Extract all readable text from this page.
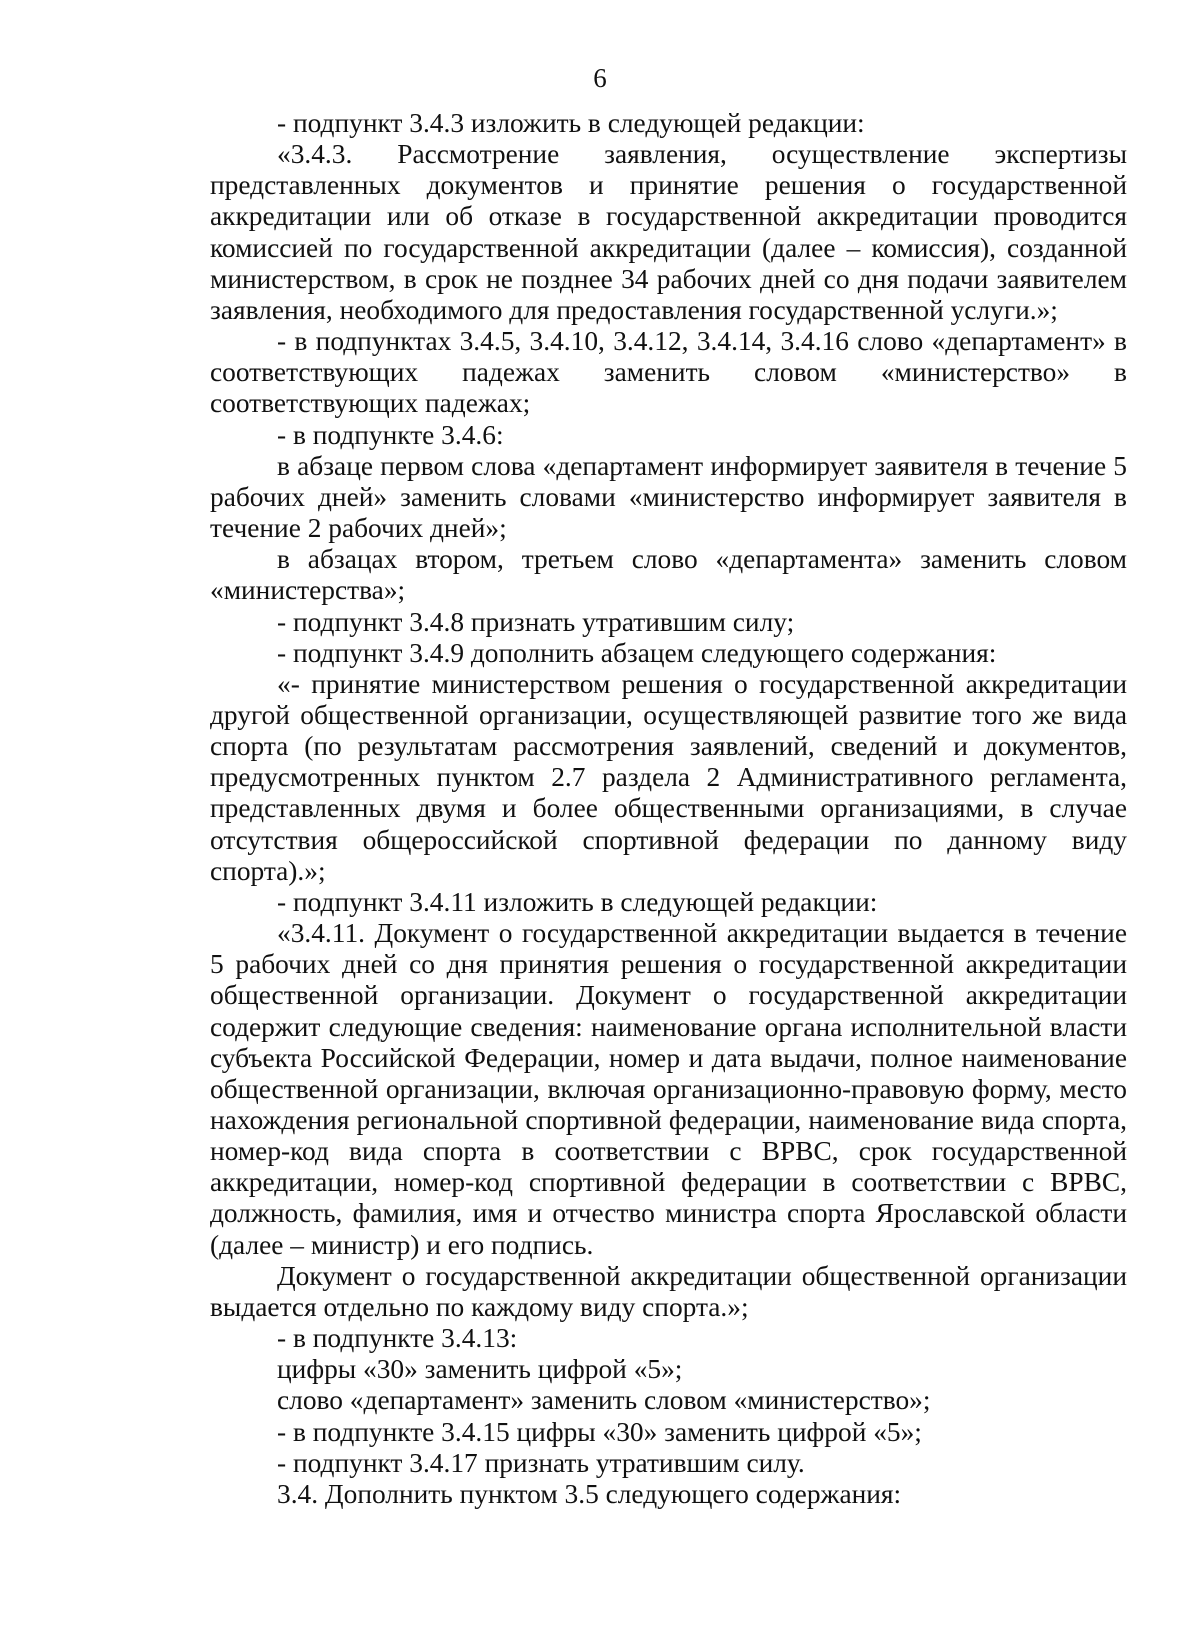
6

- подпункт 3.4.3 изложить в следующей редакции:

«3.4.3. Рассмотрение заявления, осуществление экспертизы представленных документов и принятие решения о государственной аккредитации или об отказе в государственной аккредитации проводится комиссией по государственной аккредитации (далее – комиссия), созданной министерством, в срок не позднее 34 рабочих дней со дня подачи заявителем заявления, необходимого для предоставления государственной услуги.»;

- в подпунктах 3.4.5, 3.4.10, 3.4.12, 3.4.14, 3.4.16 слово «департамент» в соответствующих падежах заменить словом «министерство» в соответствующих падежах;

- в подпункте 3.4.6:

в абзаце первом слова «департамент информирует заявителя в течение 5 рабочих дней» заменить словами «министерство информирует заявителя в течение 2 рабочих дней»;

в абзацах втором, третьем слово «департамента» заменить словом «министерства»;

- подпункт 3.4.8 признать утратившим силу;

- подпункт 3.4.9 дополнить абзацем следующего содержания:

«- принятие министерством решения о государственной аккредитации другой общественной организации, осуществляющей развитие того же вида спорта (по результатам рассмотрения заявлений, сведений и документов, предусмотренных пунктом 2.7 раздела 2 Административного регламента, представленных двумя и более общественными организациями, в случае отсутствия общероссийской спортивной федерации по данному виду спорта).»;

- подпункт 3.4.11 изложить в следующей редакции:

«3.4.11. Документ о государственной аккредитации выдается в течение 5 рабочих дней со дня принятия решения о государственной аккредитации общественной организации. Документ о государственной аккредитации содержит следующие сведения: наименование органа исполнительной власти субъекта Российской Федерации, номер и дата выдачи, полное наименование общественной организации, включая организационно-правовую форму, место нахождения региональной спортивной федерации, наименование вида спорта, номер-код вида спорта в соответствии с ВРВС, срок государственной аккредитации, номер-код спортивной федерации в соответствии с ВРВС, должность, фамилия, имя и отчество министра спорта Ярославской области (далее – министр) и его подпись.

Документ о государственной аккредитации общественной организации выдается отдельно по каждому виду спорта.»;

- в подпункте 3.4.13:

цифры «30» заменить цифрой «5»;

слово «департамент» заменить словом «министерство»;

- в подпункте 3.4.15 цифры «30» заменить цифрой «5»;

- подпункт 3.4.17 признать утратившим силу.

3.4. Дополнить пунктом 3.5 следующего содержания:
